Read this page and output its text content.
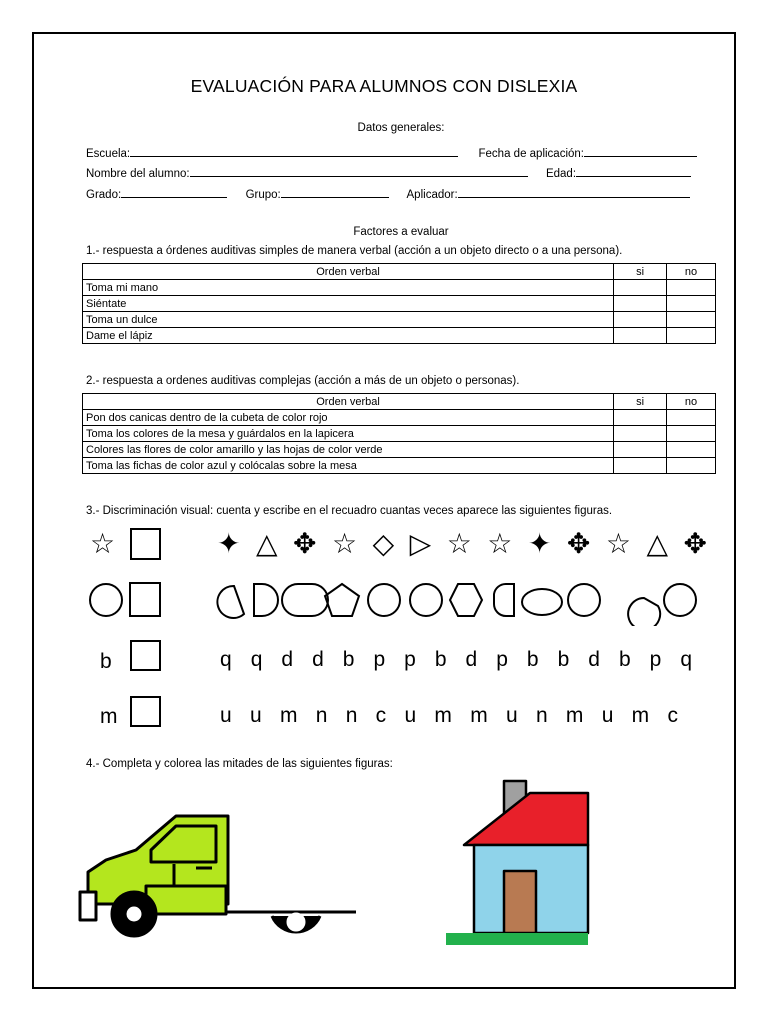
EVALUACIÓN PARA ALUMNOS CON DISLEXIA
Datos generales:
Escuela:	Fecha de aplicación:
Nombre del alumno:	Edad:
Grado:	Grupo:	Aplicador:
Factores a evaluar
1.- respuesta a órdenes auditivas simples de manera verbal (acción a un objeto directo o a una persona).
Orden verbal	si	no
Toma mi mano		
Siéntate		
Toma un dulce		
Dame el lápiz		
2.- respuesta a ordenes auditivas complejas (acción a más de un objeto o personas).
Orden verbal	si	no
Pon dos canicas dentro de la cubeta de color rojo		
Toma los colores de la mesa y guárdalos en la lapicera		
Colores las flores de color amarillo y las hojas de color verde		
Toma las fichas de color azul y colócalas sobre la mesa		
3.- Discriminación visual: cuenta y escribe en el recuadro cuantas veces aparece las siguientes figuras.
☆	✦ △ ✥ ☆ ◇ ▷ ☆ ☆ ✦ ✥ ☆ △ ✥
b	q q d d b p p b d p b b d b p q
m	u u m n n c u m m u n m u m c
4.- Completa y colorea las mitades de las siguientes figuras:
